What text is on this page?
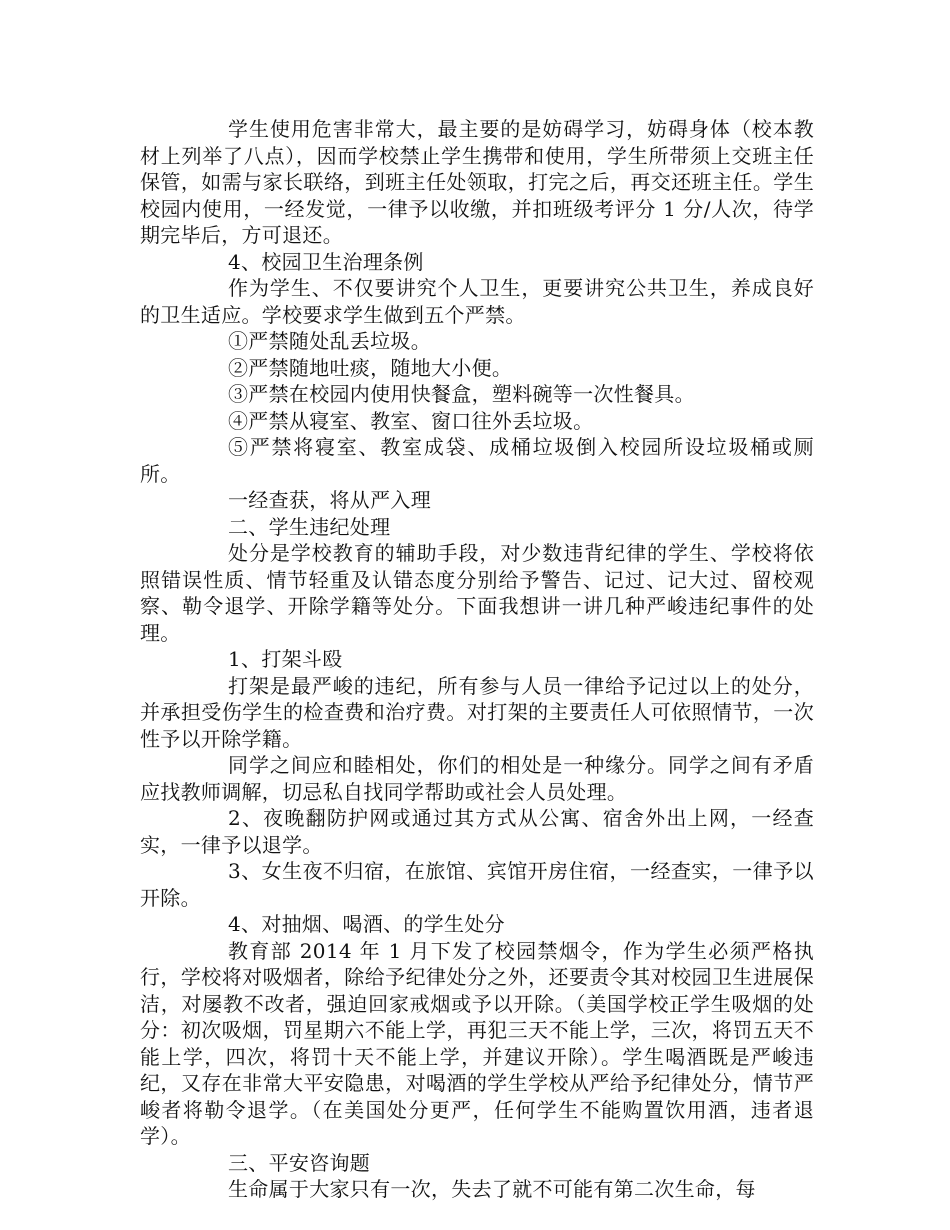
学生使用危害非常大，最主要的是妨碍学习，妨碍身体（校本教材上列举了八点），因而学校禁止学生携带和使用，学生所带须上交班主任保管，如需与家长联络，到班主任处领取，打完之后，再交还班主任。学生校园内使用，一经发觉，一律予以收缴，并扣班级考评分 1 分/人次，待学期完毕后，方可退还。

4、校园卫生治理条例

作为学生、不仅要讲究个人卫生，更要讲究公共卫生，养成良好的卫生适应。学校要求学生做到五个严禁。

①严禁随处乱丢垃圾。

②严禁随地吐痰，随地大小便。

③严禁在校园内使用快餐盒，塑料碗等一次性餐具。

④严禁从寝室、教室、窗口往外丢垃圾。

⑤严禁将寝室、教室成袋、成桶垃圾倒入校园所设垃圾桶或厕所。

一经查获，将从严入理

二、学生违纪处理

处分是学校教育的辅助手段，对少数违背纪律的学生、学校将依照错误性质、情节轻重及认错态度分别给予警告、记过、记大过、留校观察、勒令退学、开除学籍等处分。下面我想讲一讲几种严峻违纪事件的处理。

1、打架斗殴

打架是最严峻的违纪，所有参与人员一律给予记过以上的处分，并承担受伤学生的检查费和治疗费。对打架的主要责任人可依照情节，一次性予以开除学籍。

同学之间应和睦相处，你们的相处是一种缘分。同学之间有矛盾应找教师调解，切忌私自找同学帮助或社会人员处理。

2、夜晚翻防护网或通过其方式从公寓、宿舍外出上网，一经查实，一律予以退学。

3、女生夜不归宿，在旅馆、宾馆开房住宿，一经查实，一律予以开除。

4、对抽烟、喝酒、的学生处分

教育部 2014 年 1 月下发了校园禁烟令，作为学生必须严格执行，学校将对吸烟者，除给予纪律处分之外，还要责令其对校园卫生进展保洁，对屡教不改者，强迫回家戒烟或予以开除。（美国学校正学生吸烟的处分：初次吸烟，罚星期六不能上学，再犯三天不能上学，三次，将罚五天不能上学，四次，将罚十天不能上学，并建议开除）。学生喝酒既是严峻违纪，又存在非常大平安隐患，对喝酒的学生学校从严给予纪律处分，情节严峻者将勒令退学。（在美国处分更严，任何学生不能购置饮用酒，违者退学）。

三、平安咨询题

生命属于大家只有一次，失去了就不可能有第二次生命，每
